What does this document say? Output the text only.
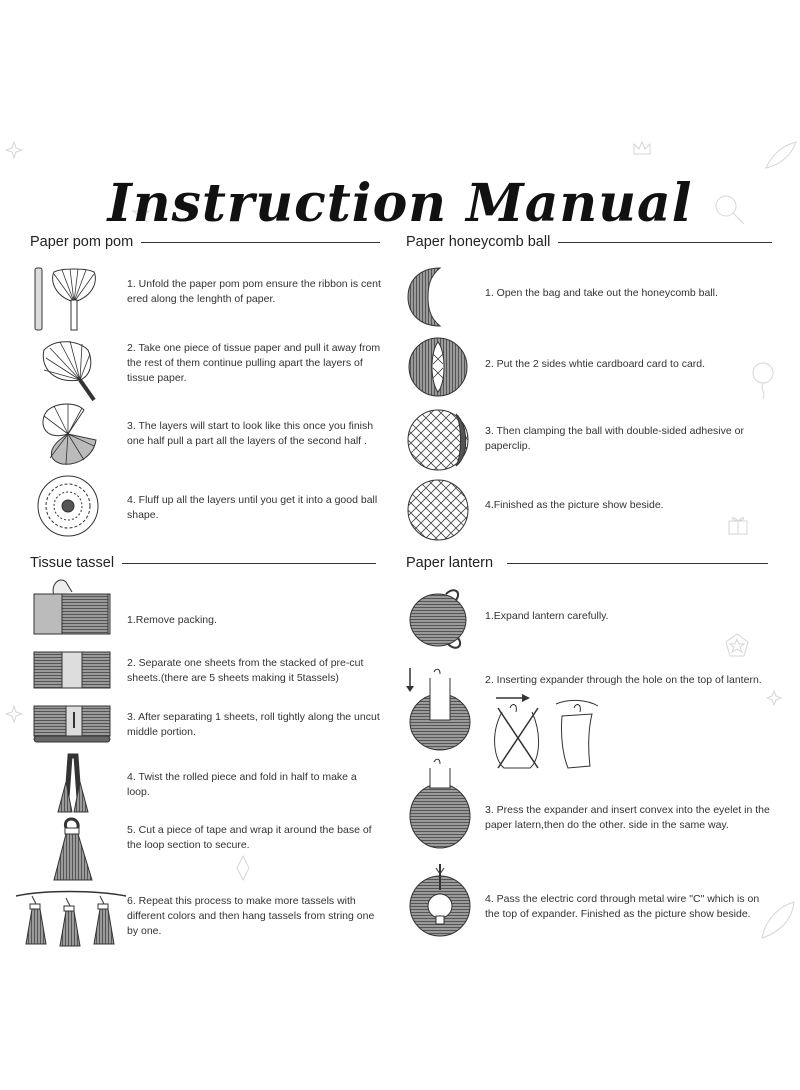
Instruction Manual
Paper pom pom
1. Unfold the paper pom pom ensure the ribbon is cent ered along the lenghth of paper.
2. Take one piece of tissue paper and pull it away from the rest of them continue pulling apart the layers of tissue paper.
3. The layers will start to look like this once you finish one half pull a part all the layers of the second half .
4. Fluff up all the layers until you get it into a good ball shape.
Paper honeycomb ball
1. Open the bag and take out the honeycomb ball.
2. Put the 2 sides whtie cardboard card to card.
3. Then clamping the ball with double-sided adhesive or paperclip.
4.Finished as the picture show beside.
Tissue tassel
1.Remove packing.
2. Separate one sheets from the stacked of pre-cut sheets.(there are 5 sheets making it 5tassels)
3. After separating 1 sheets, roll tightly along the uncut middle portion.
4. Twist the rolled piece and fold in half to make a loop.
5. Cut a piece of tape and wrap it around the base of the loop section to secure.
6. Repeat this process to make more tassels with different colors and then hang tassels from string one by one.
Paper lantern
1.Expand lantern carefully.
2. Inserting expander through the hole on the top of lantern.
3. Press the expander and insert convex into the eyelet in the paper latern,then do the other. side in the same way.
4. Pass the electric cord through metal wire "C" which is on the top of expander. Finished as the picture show beside.
